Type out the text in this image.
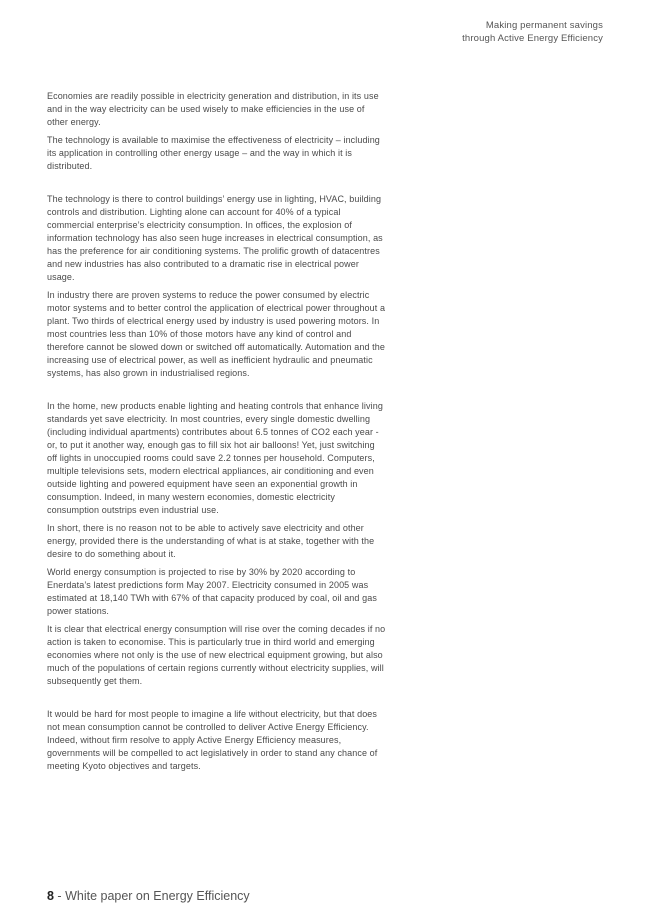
Making permanent savings
through Active Energy Efficiency

Economies are readily possible in electricity generation and distribution, in its use and in the way electricity can be used wisely to make efficiencies in the use of other energy.

The technology is available to maximise the effectiveness of electricity – including its application in controlling other energy usage – and the way in which it is distributed.

The technology is there to control buildings’ energy use in lighting, HVAC, building controls and distribution. Lighting alone can account for 40% of a typical commercial enterprise’s electricity consumption. In offices, the explosion of information technology has also seen huge increases in electrical consumption, as has the preference for air conditioning systems. The prolific growth of datacentres and new industries has also contributed to a dramatic rise in electrical power usage.

In industry there are proven systems to reduce the power consumed by electric motor systems and to better control the application of electrical power throughout a plant. Two thirds of electrical energy used by industry is used powering motors. In most countries less than 10% of those motors have any kind of control and therefore cannot be slowed down or switched off automatically. Automation and the increasing use of electrical power, as well as inefficient hydraulic and pneumatic systems, has also grown in industrialised regions.

In the home, new products enable lighting and heating controls that enhance living standards yet save electricity. In most countries, every single domestic dwelling (including individual apartments) contributes about 6.5 tonnes of CO2 each year - or, to put it another way, enough gas to fill six hot air balloons! Yet, just switching off lights in unoccupied rooms could save 2.2 tonnes per household. Computers, multiple televisions sets, modern electrical appliances, air conditioning and even outside lighting and powered equipment have seen an exponential growth in consumption. Indeed, in many western economies, domestic electricity consumption outstrips even industrial use.

In short, there is no reason not to be able to actively save electricity and other energy, provided there is the understanding of what is at stake, together with the desire to do something about it.

World energy consumption is projected to rise by 30% by 2020 according to Enerdata’s latest predictions form May 2007. Electricity consumed in 2005 was estimated at 18,140 TWh with 67% of that capacity produced by coal, oil and gas power stations.

It is clear that electrical energy consumption will rise over the coming decades if no action is taken to economise. This is particularly true in third world and emerging economies where not only is the use of new electrical equipment growing, but also much of the populations of certain regions currently without electricity supplies, will subsequently get them.

It would be hard for most people to imagine a life without electricity, but that does not mean consumption cannot be controlled to deliver Active Energy Efficiency. Indeed, without firm resolve to apply Active Energy Efficiency measures, governments will be compelled to act legislatively in order to stand any chance of meeting Kyoto objectives and targets.

8 - White paper on Energy Efficiency
